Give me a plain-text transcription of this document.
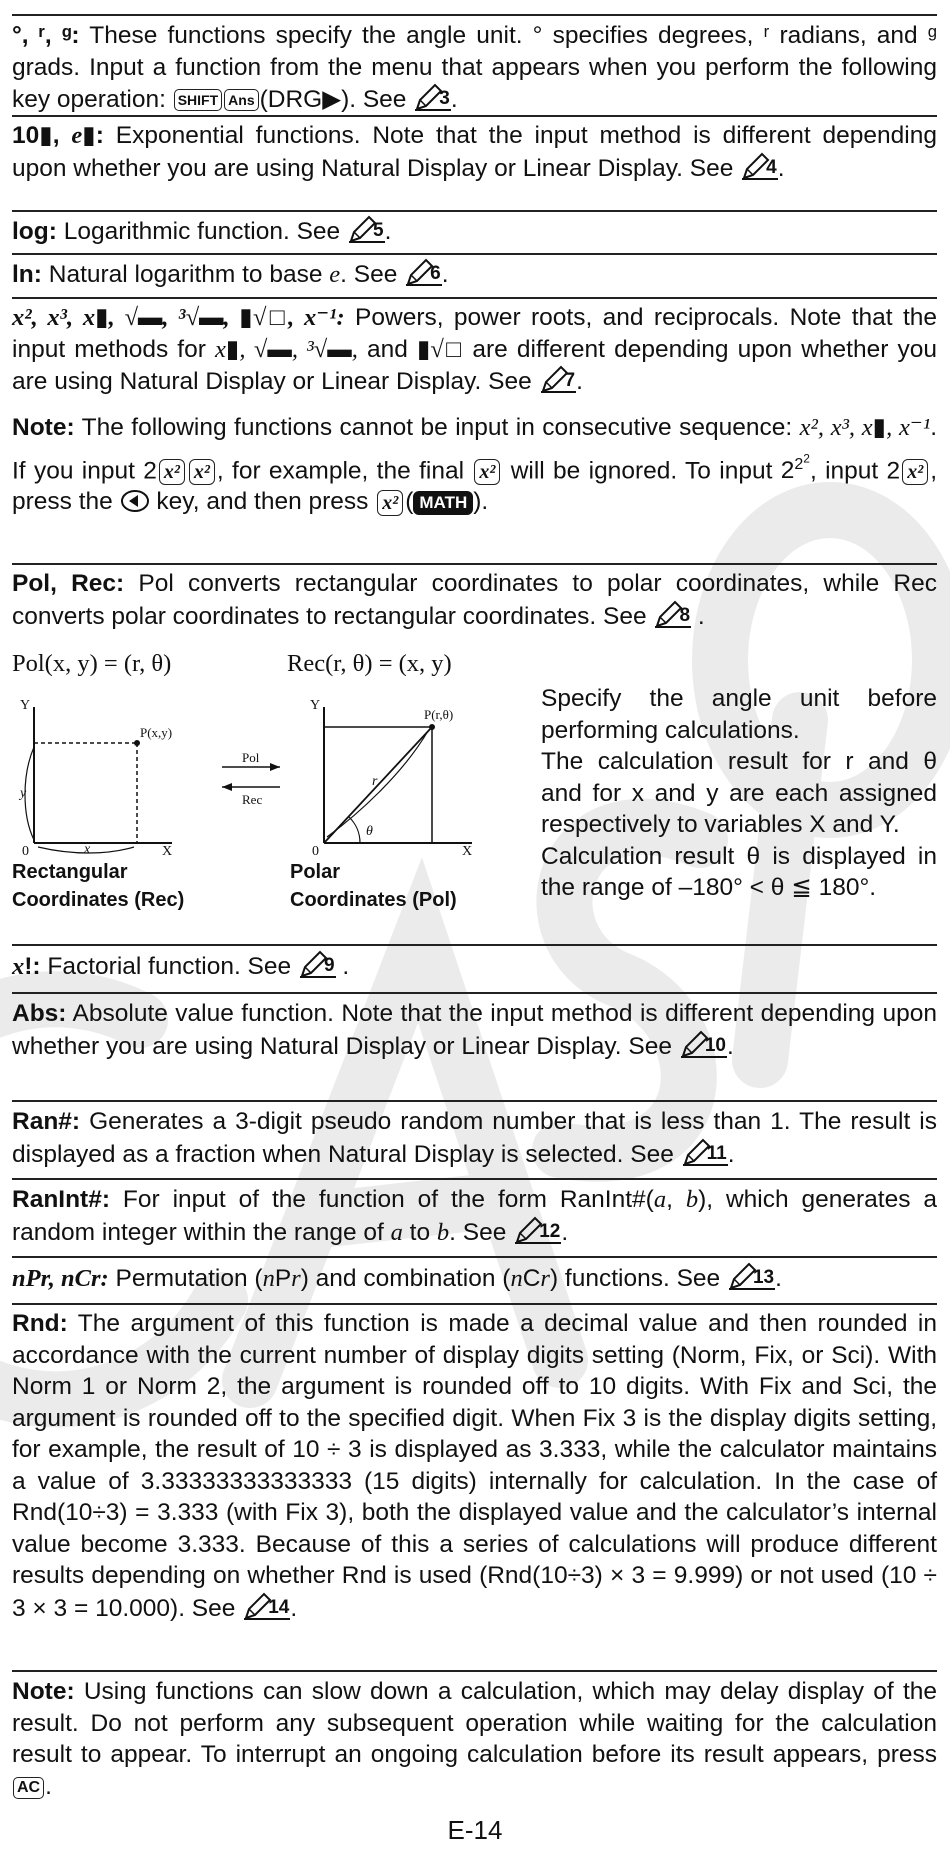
°, ʳ, ᵍ: These functions specify the angle unit. ° specifies degrees, ʳ radians, and ᵍ grads. Input a function from the menu that appears when you perform the following key operation: SHIFT Ans (DRG▶). See 3 .

10▮, e▮: Exponential functions. Note that the input method is different depending upon whether you are using Natural Display or Linear Display. See 4 .

log: Logarithmic function. See 5 .

ln: Natural logarithm to base e. See 6 .

x², x³, x▮, √▬, ³√▬, ▮√□, x⁻¹: Powers, power roots, and reciprocals. Note that the input methods for x▮, √▬, ³√▬, and ▮√□ are different depending upon whether you are using Natural Display or Linear Display. See 7 .

Note: The following functions cannot be input in consecutive sequence: x², x³, x▮, x⁻¹. If you input 2 x² x² , for example, the final x² will be ignored. To input $2^{2^2}$, input 2 x² , press the  key, and then press x² ( MATH ).

Pol, Rec: Pol converts rectangular coordinates to polar coordinates, while Rec converts polar coordinates to rectangular coordinates. See 8 .

Pol(x, y) = (r, θ)	Rec(r, θ) = (x, y)
Y
X
0
P(x,y)
y
x
Pol
Rec
Y
X
0
P(r,θ)
r
θ
Rectangular
Coordinates (Rec)
Polar
Coordinates (Pol)

Specify the angle unit before performing calculations.

The calculation result for r and θ and for x and y are each assigned respectively to variables X and Y.

Calculation result θ is displayed in the range of –180° < θ ≦ 180°.

x!: Factorial function. See 9 .

Abs: Absolute value function. Note that the input method is different depending upon whether you are using Natural Display or Linear Display. See 10 .

Ran#: Generates a 3-digit pseudo random number that is less than 1. The result is displayed as a fraction when Natural Display is selected. See 11 .

RanInt#: For input of the function of the form RanInt#(a, b), which generates a random integer within the range of a to b. See 12 .

nPr, nCr: Permutation (nPr) and combination (nCr) functions. See 13 .

Rnd: The argument of this function is made a decimal value and then rounded in accordance with the current number of display digits setting (Norm, Fix, or Sci). With Norm 1 or Norm 2, the argument is rounded off to 10 digits. With Fix and Sci, the argument is rounded off to the specified digit. When Fix 3 is the display digits setting, for example, the result of 10 ÷ 3 is displayed as 3.333, while the calculator maintains a value of 3.33333333333333 (15 digits) internally for calculation. In the case of Rnd(10÷3) = 3.333 (with Fix 3), both the displayed value and the calculator’s internal value become 3.333. Because of this a series of calculations will produce different results depending on whether Rnd is used (Rnd(10÷3) × 3 = 9.999) or not used (10 ÷ 3 × 3 = 10.000). See 14 .

Note: Using functions can slow down a calculation, which may delay display of the result. Do not perform any subsequent operation while waiting for the calculation result to appear. To interrupt an ongoing calculation before its result appears, press AC .

E-14
